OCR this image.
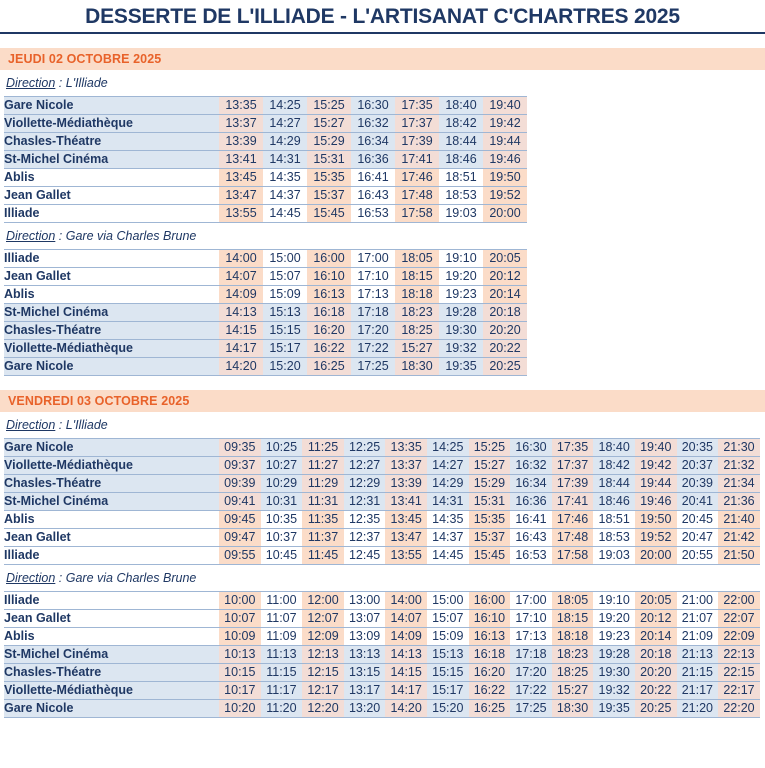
DESSERTE DE L'ILLIADE - L'ARTISANAT C'CHARTRES 2025
JEUDI 02 OCTOBRE 2025
Direction : L'Illiade
Gare Nicole	13:35	14:25	15:25	16:30	17:35	18:40	19:40
Viollette-Médiathèque	13:37	14:27	15:27	16:32	17:37	18:42	19:42
Chasles-Théatre	13:39	14:29	15:29	16:34	17:39	18:44	19:44
St-Michel Cinéma	13:41	14:31	15:31	16:36	17:41	18:46	19:46
Ablis	13:45	14:35	15:35	16:41	17:46	18:51	19:50
Jean Gallet	13:47	14:37	15:37	16:43	17:48	18:53	19:52
Illiade	13:55	14:45	15:45	16:53	17:58	19:03	20:00
Direction : Gare via Charles Brune
Illiade	14:00	15:00	16:00	17:00	18:05	19:10	20:05
Jean Gallet	14:07	15:07	16:10	17:10	18:15	19:20	20:12
Ablis	14:09	15:09	16:13	17:13	18:18	19:23	20:14
St-Michel Cinéma	14:13	15:13	16:18	17:18	18:23	19:28	20:18
Chasles-Théatre	14:15	15:15	16:20	17:20	18:25	19:30	20:20
Viollette-Médiathèque	14:17	15:17	16:22	17:22	15:27	19:32	20:22
Gare Nicole	14:20	15:20	16:25	17:25	18:30	19:35	20:25
VENDREDI 03 OCTOBRE 2025
Direction : L'Illiade
Gare Nicole	09:35	10:25	11:25	12:25	13:35	14:25	15:25	16:30	17:35	18:40	19:40	20:35	21:30
Viollette-Médiathèque	09:37	10:27	11:27	12:27	13:37	14:27	15:27	16:32	17:37	18:42	19:42	20:37	21:32
Chasles-Théatre	09:39	10:29	11:29	12:29	13:39	14:29	15:29	16:34	17:39	18:44	19:44	20:39	21:34
St-Michel Cinéma	09:41	10:31	11:31	12:31	13:41	14:31	15:31	16:36	17:41	18:46	19:46	20:41	21:36
Ablis	09:45	10:35	11:35	12:35	13:45	14:35	15:35	16:41	17:46	18:51	19:50	20:45	21:40
Jean Gallet	09:47	10:37	11:37	12:37	13:47	14:37	15:37	16:43	17:48	18:53	19:52	20:47	21:42
Illiade	09:55	10:45	11:45	12:45	13:55	14:45	15:45	16:53	17:58	19:03	20:00	20:55	21:50
Direction : Gare via Charles Brune
Illiade	10:00	11:00	12:00	13:00	14:00	15:00	16:00	17:00	18:05	19:10	20:05	21:00	22:00
Jean Gallet	10:07	11:07	12:07	13:07	14:07	15:07	16:10	17:10	18:15	19:20	20:12	21:07	22:07
Ablis	10:09	11:09	12:09	13:09	14:09	15:09	16:13	17:13	18:18	19:23	20:14	21:09	22:09
St-Michel Cinéma	10:13	11:13	12:13	13:13	14:13	15:13	16:18	17:18	18:23	19:28	20:18	21:13	22:13
Chasles-Théatre	10:15	11:15	12:15	13:15	14:15	15:15	16:20	17:20	18:25	19:30	20:20	21:15	22:15
Viollette-Médiathèque	10:17	11:17	12:17	13:17	14:17	15:17	16:22	17:22	15:27	19:32	20:22	21:17	22:17
Gare Nicole	10:20	11:20	12:20	13:20	14:20	15:20	16:25	17:25	18:30	19:35	20:25	21:20	22:20
